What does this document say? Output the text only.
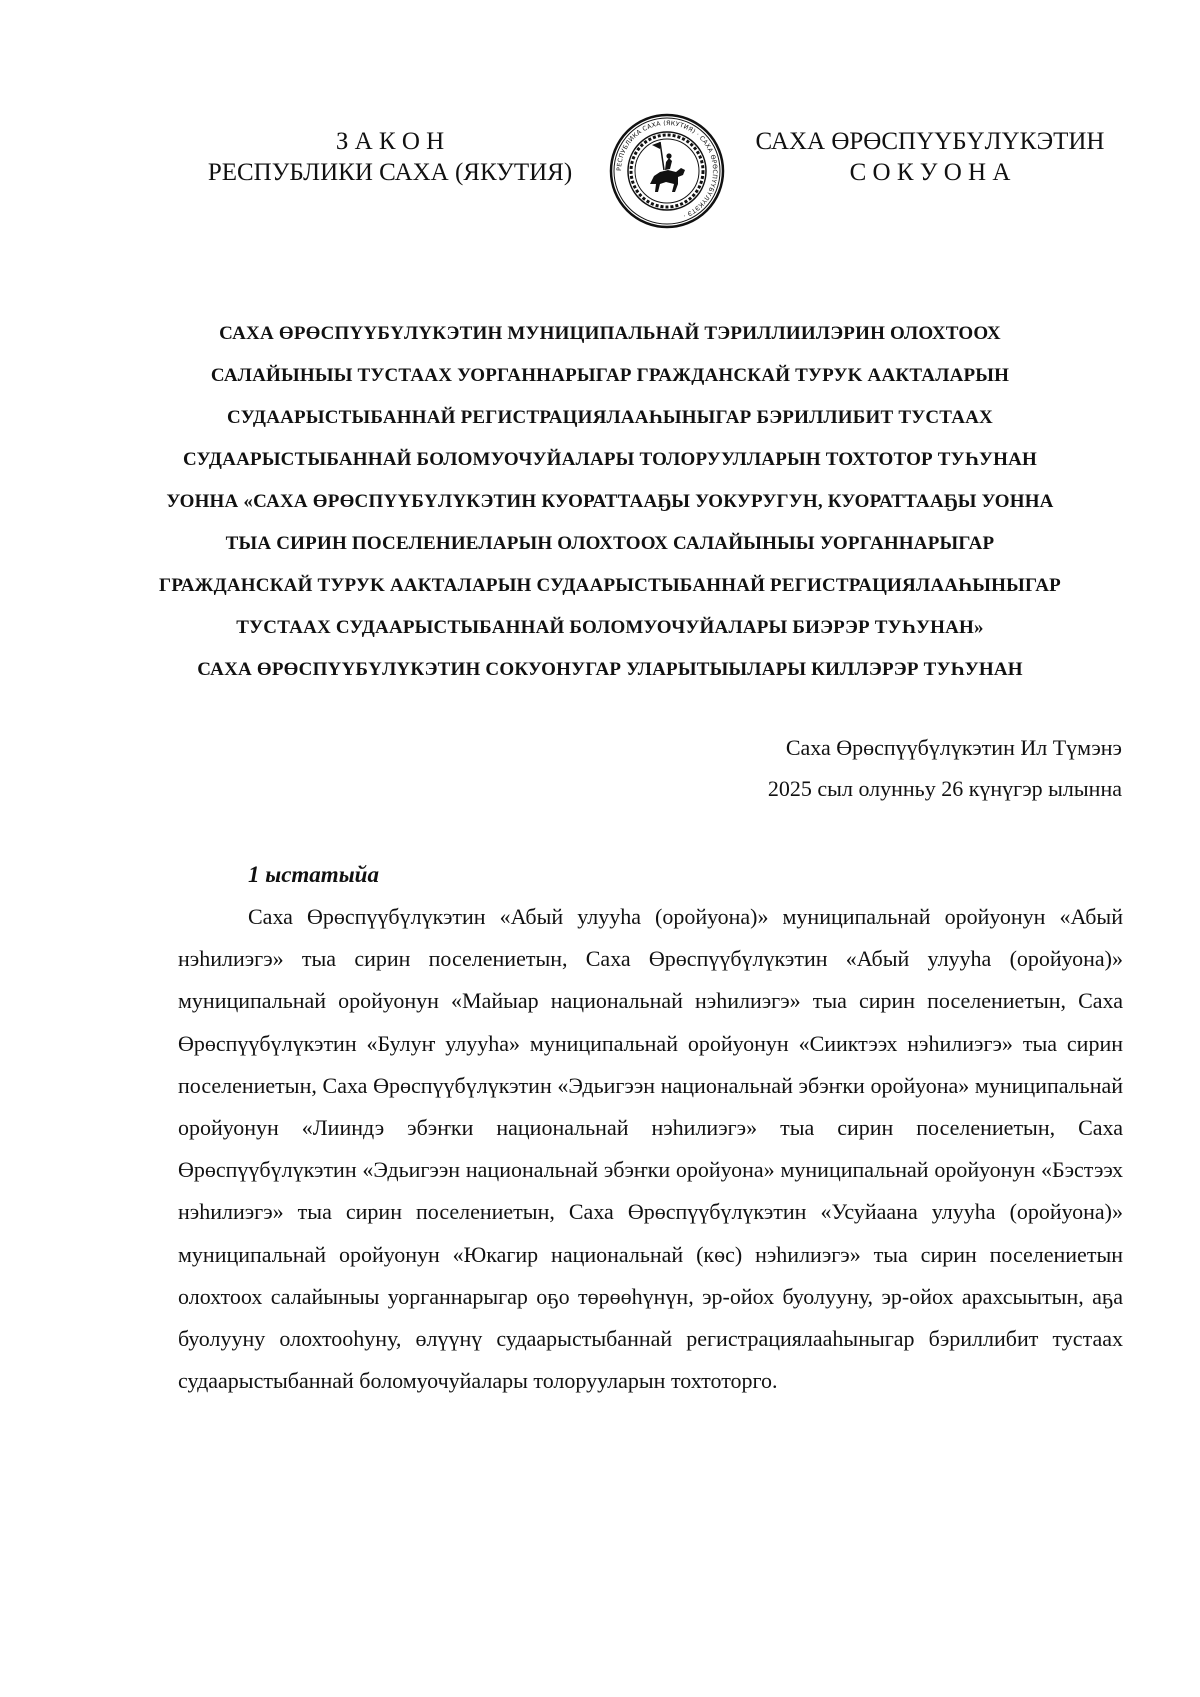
З А К О Н
РЕСПУБЛИКИ САХА (ЯКУТИЯ)	РЕСПУБЛИКА САХА (ЯКУТИЯ) · САХА ӨРӨСПҮҮБҮЛҮКЭТЭ ·
САХА ӨРӨСПҮҮБҮЛҮКЭТИН
С О К У О Н А
САХА ӨРӨСПҮҮБҮЛҮКЭТИН МУНИЦИПАЛЬНАЙ ТЭРИЛЛИИЛЭРИН ОЛОХТООХ
САЛАЙЫНЫЫ ТУСТААХ УОРГАННАРЫГАР ГРАЖДАНСКАЙ ТУРУK ААКТАЛАРЫН
СУДААРЫСТЫБАННАЙ РЕГИСТРАЦИЯЛААҺЫНЫГАР БЭРИЛЛИБИТ ТУСТААХ
СУДААРЫСТЫБАННАЙ БОЛОМУОЧУЙАЛАРЫ ТОЛОРУУЛЛАРЫН ТОХТОТОР ТУҺУНАН
УОННА «САХА ӨРӨСПҮҮБҮЛҮКЭТИН КУОРАТТААҔЫ УОКУРУГУН, КУОРАТТААҔЫ УОННА
ТЫА СИРИН ПОСЕЛЕНИЕЛАРЫН ОЛОХТООХ САЛАЙЫНЫЫ УОРГАННАРЫГАР
ГРАЖДАНСКАЙ ТУРУK ААКТАЛАРЫН СУДААРЫСТЫБАННАЙ РЕГИСТРАЦИЯЛААҺЫНЫГАР
ТУСТААХ СУДААРЫСТЫБАННАЙ БОЛОМУОЧУЙАЛАРЫ БИЭРЭР ТУҺУНАН»
САХА ӨРӨСПҮҮБҮЛҮКЭТИН СОКУОНУГАР УЛАРЫТЫЫЛАРЫ КИЛЛЭРЭР ТУҺУНАН
Саха Өрөспүүбүлүкэтин Ил Түмэнэ
2025 сыл олунньу 26 күнүгэр ылынна
1 ыстатыйа

Саха Өрөспүүбүлүкэтин «Абый улууһа (оройуона)» муниципальнай оройуонун «Абый нэһилиэгэ» тыа сирин поселениетын, Саха Өрөспүүбүлүкэтин «Абый улууһа (оройуона)» муниципальнай оройуонун «Майыар национальнай нэһилиэгэ» тыа сирин поселениетын, Саха Өрөспүүбүлүкэтин «Булуҥ улууһа» муниципальнай оройуонун «Сииктээх нэһилиэгэ» тыа сирин поселениетын, Саха Өрөспүүбүлүкэтин «Эдьигээн национальнай эбэҥки оройуона» муниципальнай оройуонун «Лииндэ эбэҥки национальнай нэһилиэгэ» тыа сирин поселениетын, Саха Өрөспүүбүлүкэтин «Эдьигээн национальнай эбэҥки оройуона» муниципальнай оройуонун «Бэстээх нэһилиэгэ» тыа сирин поселениетын, Саха Өрөспүүбүлүкэтин «Усуйаана улууһа (оройуона)» муниципальнай оройуонун «Юкагир национальнай (кѳс) нэһилиэгэ» тыа сирин поселениетын олохтоох салайыныы уорганнарыгар оҕо төрөөһүнүн, эр-ойох буолууну, эр-ойох арахсыытын, аҕа буолууну олохтооһуну, өлүүнү судаарыстыбаннай регистрациялааһыныгар бэриллибит тустаах судаарыстыбаннай боломуочуйалары толорууларын тохтоторго.
